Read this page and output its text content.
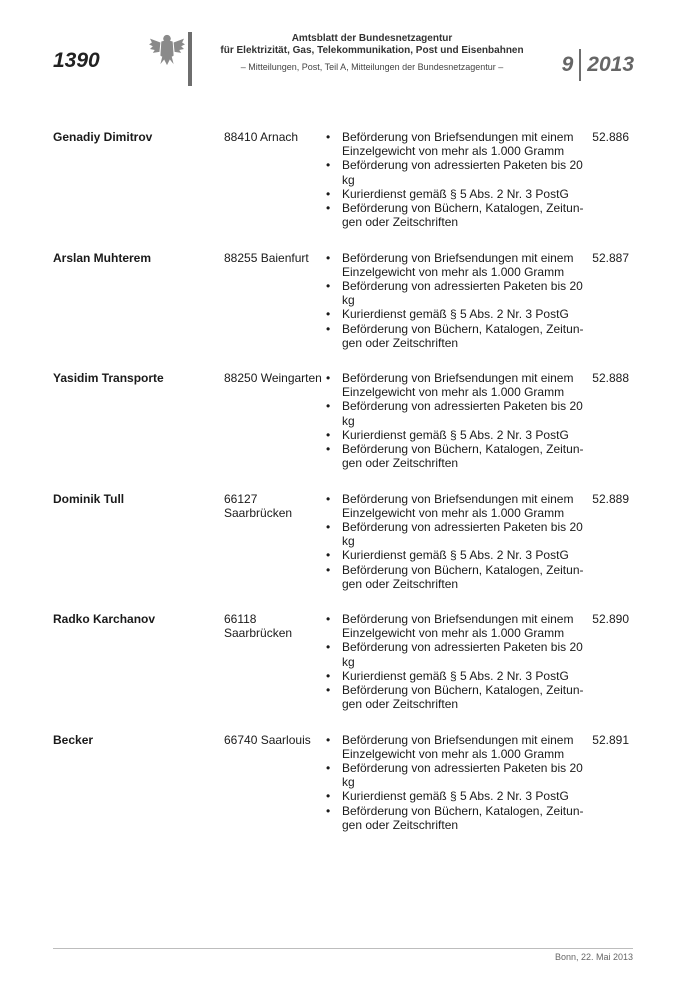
1390
Amtsblatt der Bundesnetzagentur
für Elektrizität, Gas, Telekommunikation, Post und Eisenbahnen
– Mitteilungen, Post, Teil A, Mitteilungen der Bundesnetzagentur –	9 2013
Genadiy Dimitrov	88410 Arnach	• Beförderung von Briefsendungen mit einem Einzelgewicht von mehr als 1.000 Gramm
• Beförderung von adressierten Paketen bis 20 kg
• Kurierdienst gemäß § 5 Abs. 2 Nr. 3 PostG
• Beförderung von Büchern, Katalogen, Zeitun-gen oder Zeitschriften
52.886
Arslan Muhterem	88255 Baienfurt	• Beförderung von Briefsendungen mit einem Einzelgewicht von mehr als 1.000 Gramm
• Beförderung von adressierten Paketen bis 20 kg
• Kurierdienst gemäß § 5 Abs. 2 Nr. 3 PostG
• Beförderung von Büchern, Katalogen, Zeitun-gen oder Zeitschriften
52.887
Yasidim Transporte	88250 Weingarten	• Beförderung von Briefsendungen mit einem Einzelgewicht von mehr als 1.000 Gramm
• Beförderung von adressierten Paketen bis 20 kg
• Kurierdienst gemäß § 5 Abs. 2 Nr. 3 PostG
• Beförderung von Büchern, Katalogen, Zeitun-gen oder Zeitschriften
52.888
Dominik Tull	66127 Saarbrücken
• Beförderung von Briefsendungen mit einem Einzelgewicht von mehr als 1.000 Gramm
• Beförderung von adressierten Paketen bis 20 kg
• Kurierdienst gemäß § 5 Abs. 2 Nr. 3 PostG
• Beförderung von Büchern, Katalogen, Zeitun-gen oder Zeitschriften
52.889
Radko Karchanov	66118 Saarbrücken
• Beförderung von Briefsendungen mit einem Einzelgewicht von mehr als 1.000 Gramm
• Beförderung von adressierten Paketen bis 20 kg
• Kurierdienst gemäß § 5 Abs. 2 Nr. 3 PostG
• Beförderung von Büchern, Katalogen, Zeitun-gen oder Zeitschriften
52.890
Becker	66740 Saarlouis	• Beförderung von Briefsendungen mit einem Einzelgewicht von mehr als 1.000 Gramm
• Beförderung von adressierten Paketen bis 20 kg
• Kurierdienst gemäß § 5 Abs. 2 Nr. 3 PostG
• Beförderung von Büchern, Katalogen, Zeitun-gen oder Zeitschriften
52.891
Bonn, 22. Mai 2013
